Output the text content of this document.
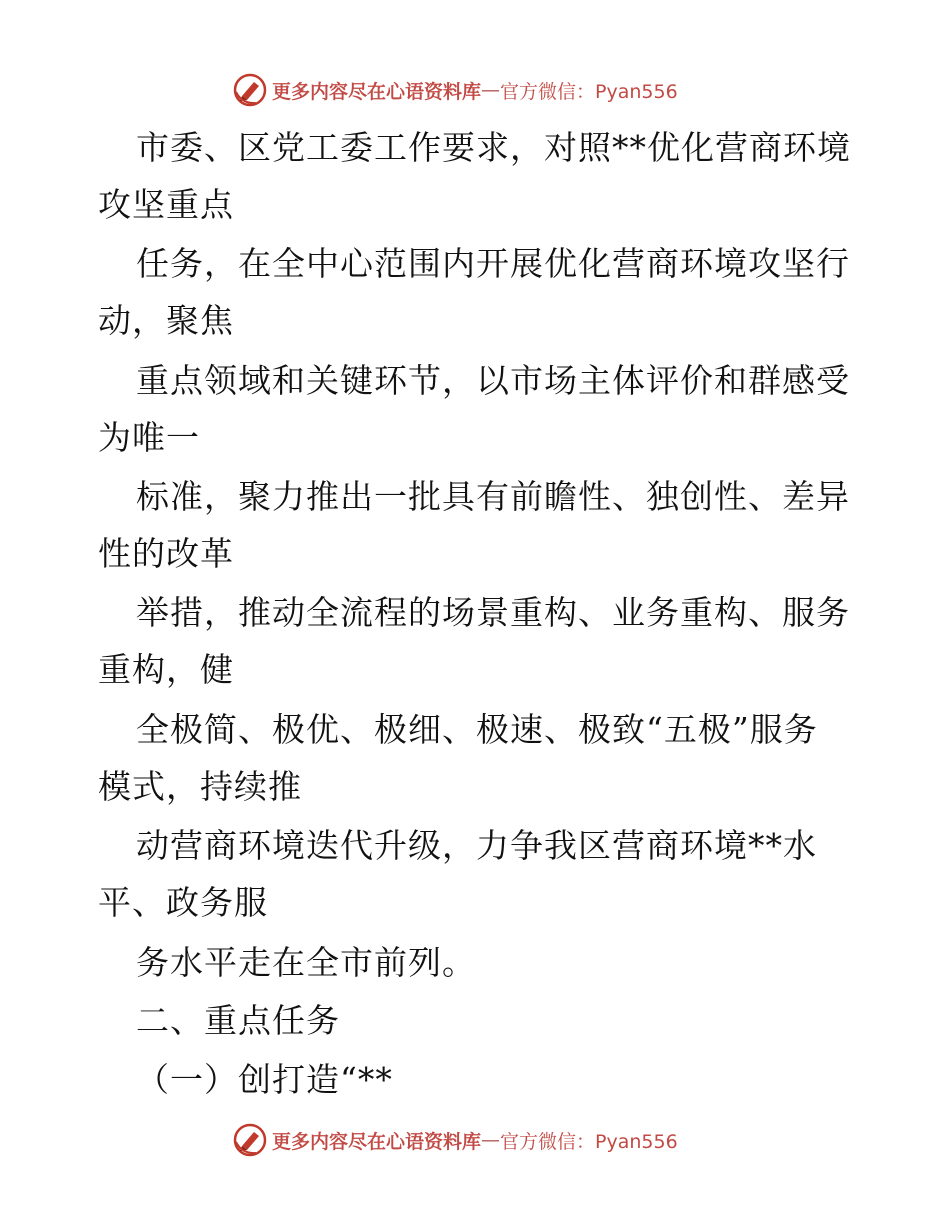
更多内容尽在心语资料库 — 官方微信：Pyan556
市委、区党工委工作要求，对照**优化营商环境
攻坚重点
任务，在全中心范围内开展优化营商环境攻坚行
动，聚焦
重点领域和关键环节，以市场主体评价和群感受
为唯一
标准，聚力推出一批具有前瞻性、独创性、差异
性的改革
举措，推动全流程的场景重构、业务重构、服务
重构，健
全极简、极优、极细、极速、极致“五极”服务
模式，持续推
动营商环境迭代升级，力争我区营商环境**水
平、政务服
务水平走在全市前列。
二、重点任务
（一）创打造“**
更多内容尽在心语资料库 — 官方微信：Pyan556
